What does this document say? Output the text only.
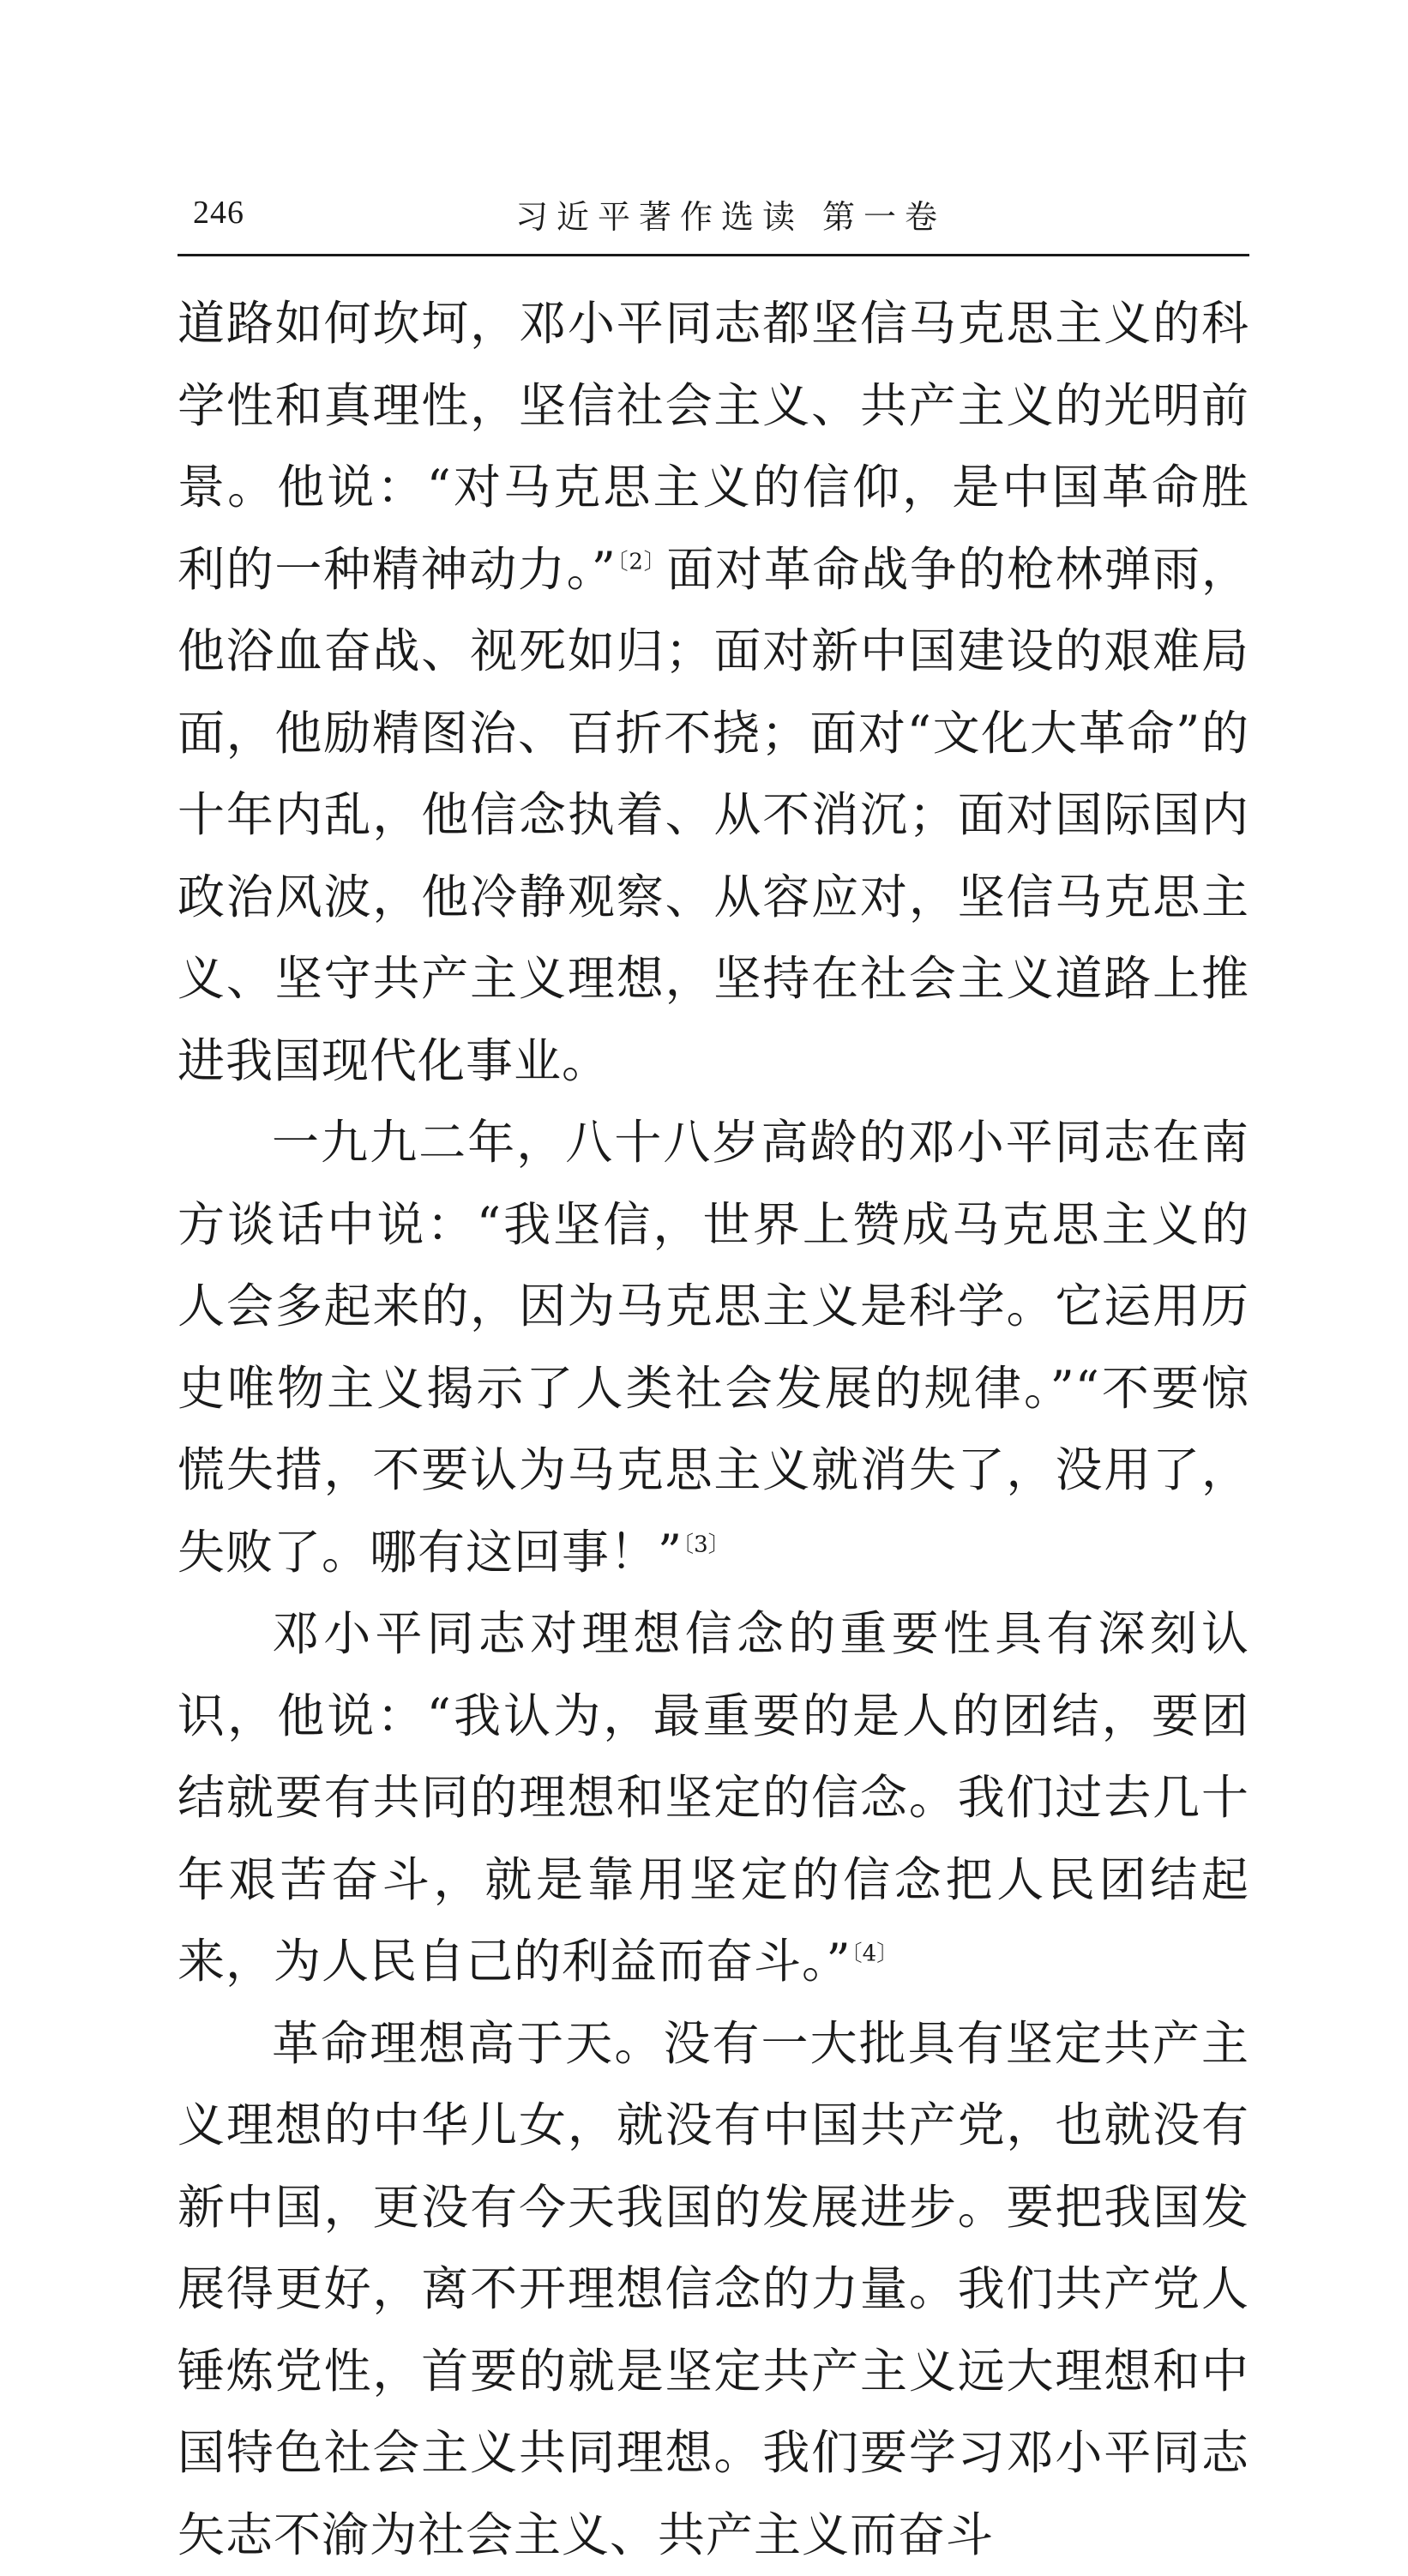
246	习近平著作选读 第一卷

道路如何坎坷，邓小平同志都坚信马克思主义的科学性和真理性，坚信社会主义、共产主义的光明前景。他说：“对马克思主义的信仰，是中国革命胜利的一种精神动力。”$^{〔2〕}$面对革命战争的枪林弹雨，他浴血奋战、视死如归；面对新中国建设的艰难局面，他励精图治、百折不挠；面对“文化大革命”的十年内乱，他信念执着、从不消沉；面对国际国内政治风波，他冷静观察、从容应对，坚信马克思主义、坚守共产主义理想，坚持在社会主义道路上推进我国现代化事业。

一九九二年，八十八岁高龄的邓小平同志在南方谈话中说：“我坚信，世界上赞成马克思主义的人会多起来的，因为马克思主义是科学。它运用历史唯物主义揭示了人类社会发展的规律。”“不要惊慌失措，不要认为马克思主义就消失了，没用了，失败了。哪有这回事！”$^{〔3〕}$

邓小平同志对理想信念的重要性具有深刻认识，他说：“我认为，最重要的是人的团结，要团结就要有共同的理想和坚定的信念。我们过去几十年艰苦奋斗，就是靠用坚定的信念把人民团结起来，为人民自己的利益而奋斗。”$^{〔4〕}$

革命理想高于天。没有一大批具有坚定共产主义理想的中华儿女，就没有中国共产党，也就没有新中国，更没有今天我国的发展进步。要把我国发展得更好，离不开理想信念的力量。我们共产党人锤炼党性，首要的就是坚定共产主义远大理想和中国特色社会主义共同理想。我们要学习邓小平同志矢志不渝为社会主义、共产主义而奋斗
